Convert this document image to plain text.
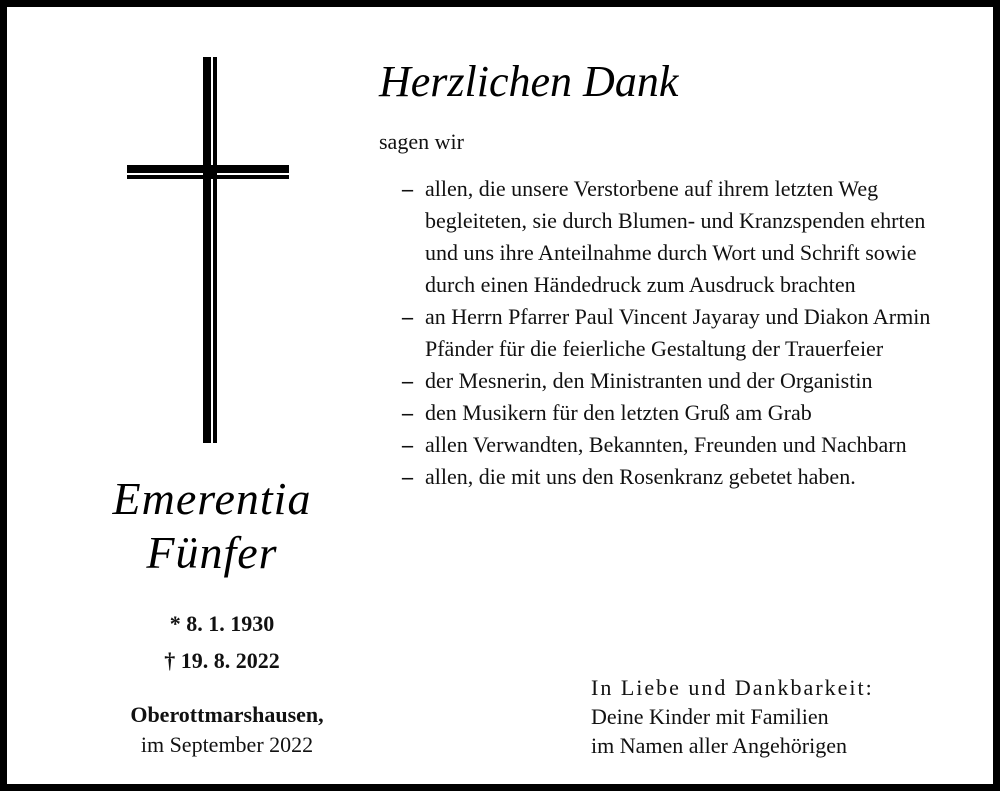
Emerentia
Fünfer
* 8. 1. 1930
† 19. 8. 2022
Oberottmarshausen,
im September 2022
Herzlichen Dank
sagen wir
– allen, die unsere Verstorbene auf ihrem letzten Weg begleiteten, sie durch Blumen- und Kranzspenden ehrten und uns ihre Anteilnahme durch Wort und Schrift sowie durch einen Händedruck zum Ausdruck brachten
– an Herrn Pfarrer Paul Vincent Jayaray und Diakon Armin Pfänder für die feierliche Gestaltung der Trauerfeier
– der Mesnerin, den Ministranten und der Organistin
– den Musikern für den letzten Gruß am Grab
– allen Verwandten, Bekannten, Freunden und Nachbarn
– allen, die mit uns den Rosenkranz gebetet haben.
In Liebe und Dankbarkeit:
Deine Kinder mit Familien
im Namen aller Angehörigen
